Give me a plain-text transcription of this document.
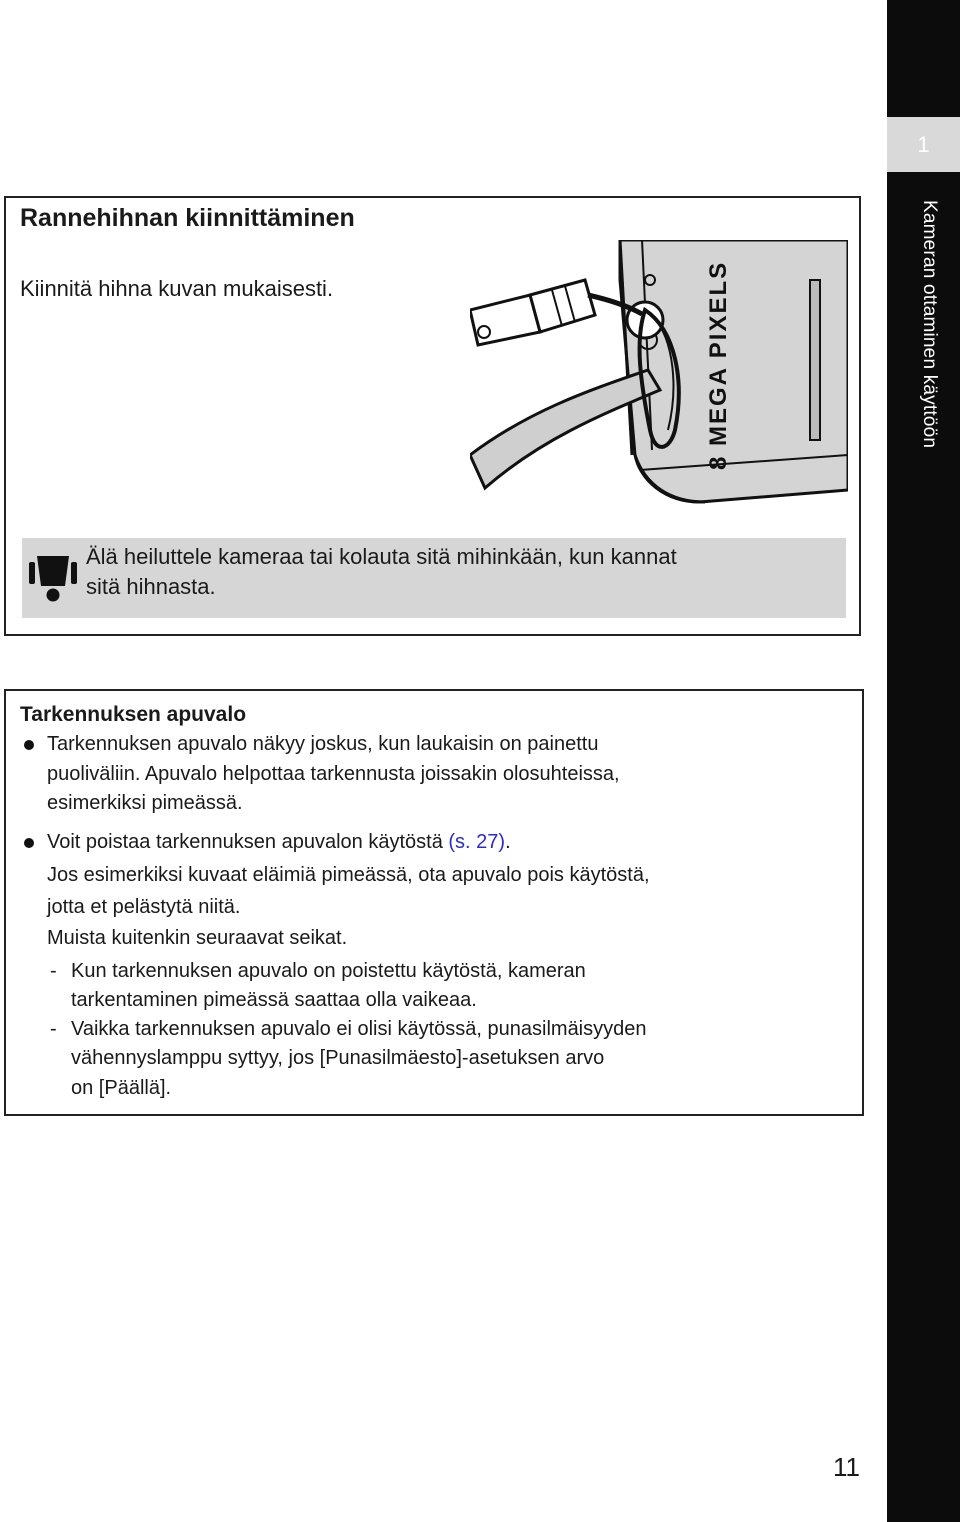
1
Kameran ottaminen käyttöön
Rannehihnan kiinnittäminen
Kiinnitä hihna kuvan mukaisesti.	8 MEGA PIXELS
Älä heiluttele kameraa tai kolauta sitä mihinkään, kun kannat
sitä hihnasta.
Tarkennuksen apuvalo
Tarkennuksen apuvalo näkyy joskus, kun laukaisin on painettu
puoliväliin. Apuvalo helpottaa tarkennusta joissakin olosuhteissa,
esimerkiksi pimeässä.
Voit poistaa tarkennuksen apuvalon käytöstä (s. 27).
Jos esimerkiksi kuvaat eläimiä pimeässä, ota apuvalo pois käytöstä,
jotta et pelästytä niitä.
Muista kuitenkin seuraavat seikat.
- Kun tarkennuksen apuvalo on poistettu käytöstä, kameran
tarkentaminen pimeässä saattaa olla vaikeaa.
- Vaikka tarkennuksen apuvalo ei olisi käytössä, punasilmäisyyden
vähennyslamppu syttyy, jos [Punasilmäesto]-asetuksen arvo
on [Päällä].
11
